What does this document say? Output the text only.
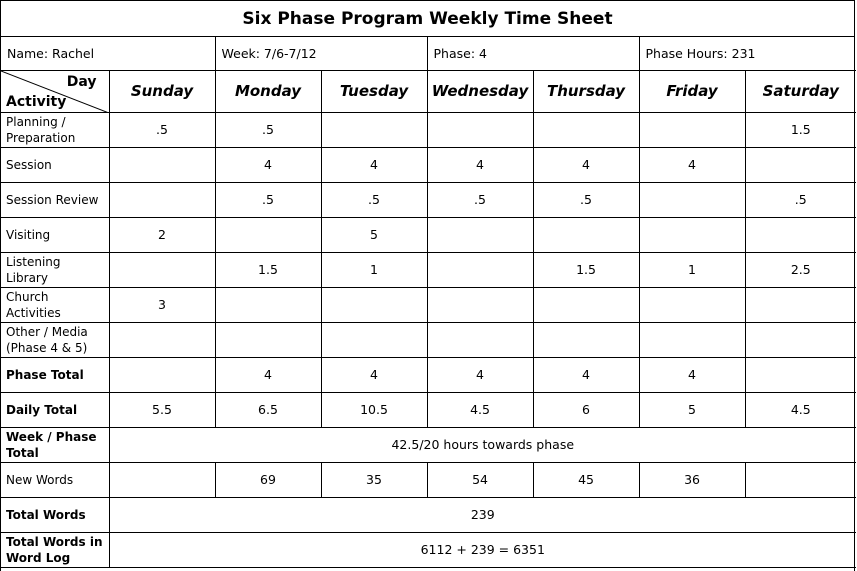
Six Phase Program Weekly Time Sheet
Name: Rachel		Week: 7/6-7/12		Phase: 4		Phase Hours: 231	

Day
Activity	Sunday	Monday	Tuesday	Wednesday	Thursday	Friday	Saturday
Planning /
Preparation	.5	.5					1.5
Session		4	4	4	4	4	
Session Review		.5	.5	.5	.5		.5
Visiting	2		5				
Listening
Library		1.5	1		1.5	1	2.5
Church
Activities	3						
Other / Media
(Phase 4 & 5)							
Phase Total		4	4	4	4	4	
Daily Total	5.5	6.5	10.5	4.5	6	5	4.5
Week / Phase
Total	42.5/20 hours towards phase						
New Words		69	35	54	45	36	
Total Words	239						
Total Words in
Word Log	6112 + 239 = 6351						
